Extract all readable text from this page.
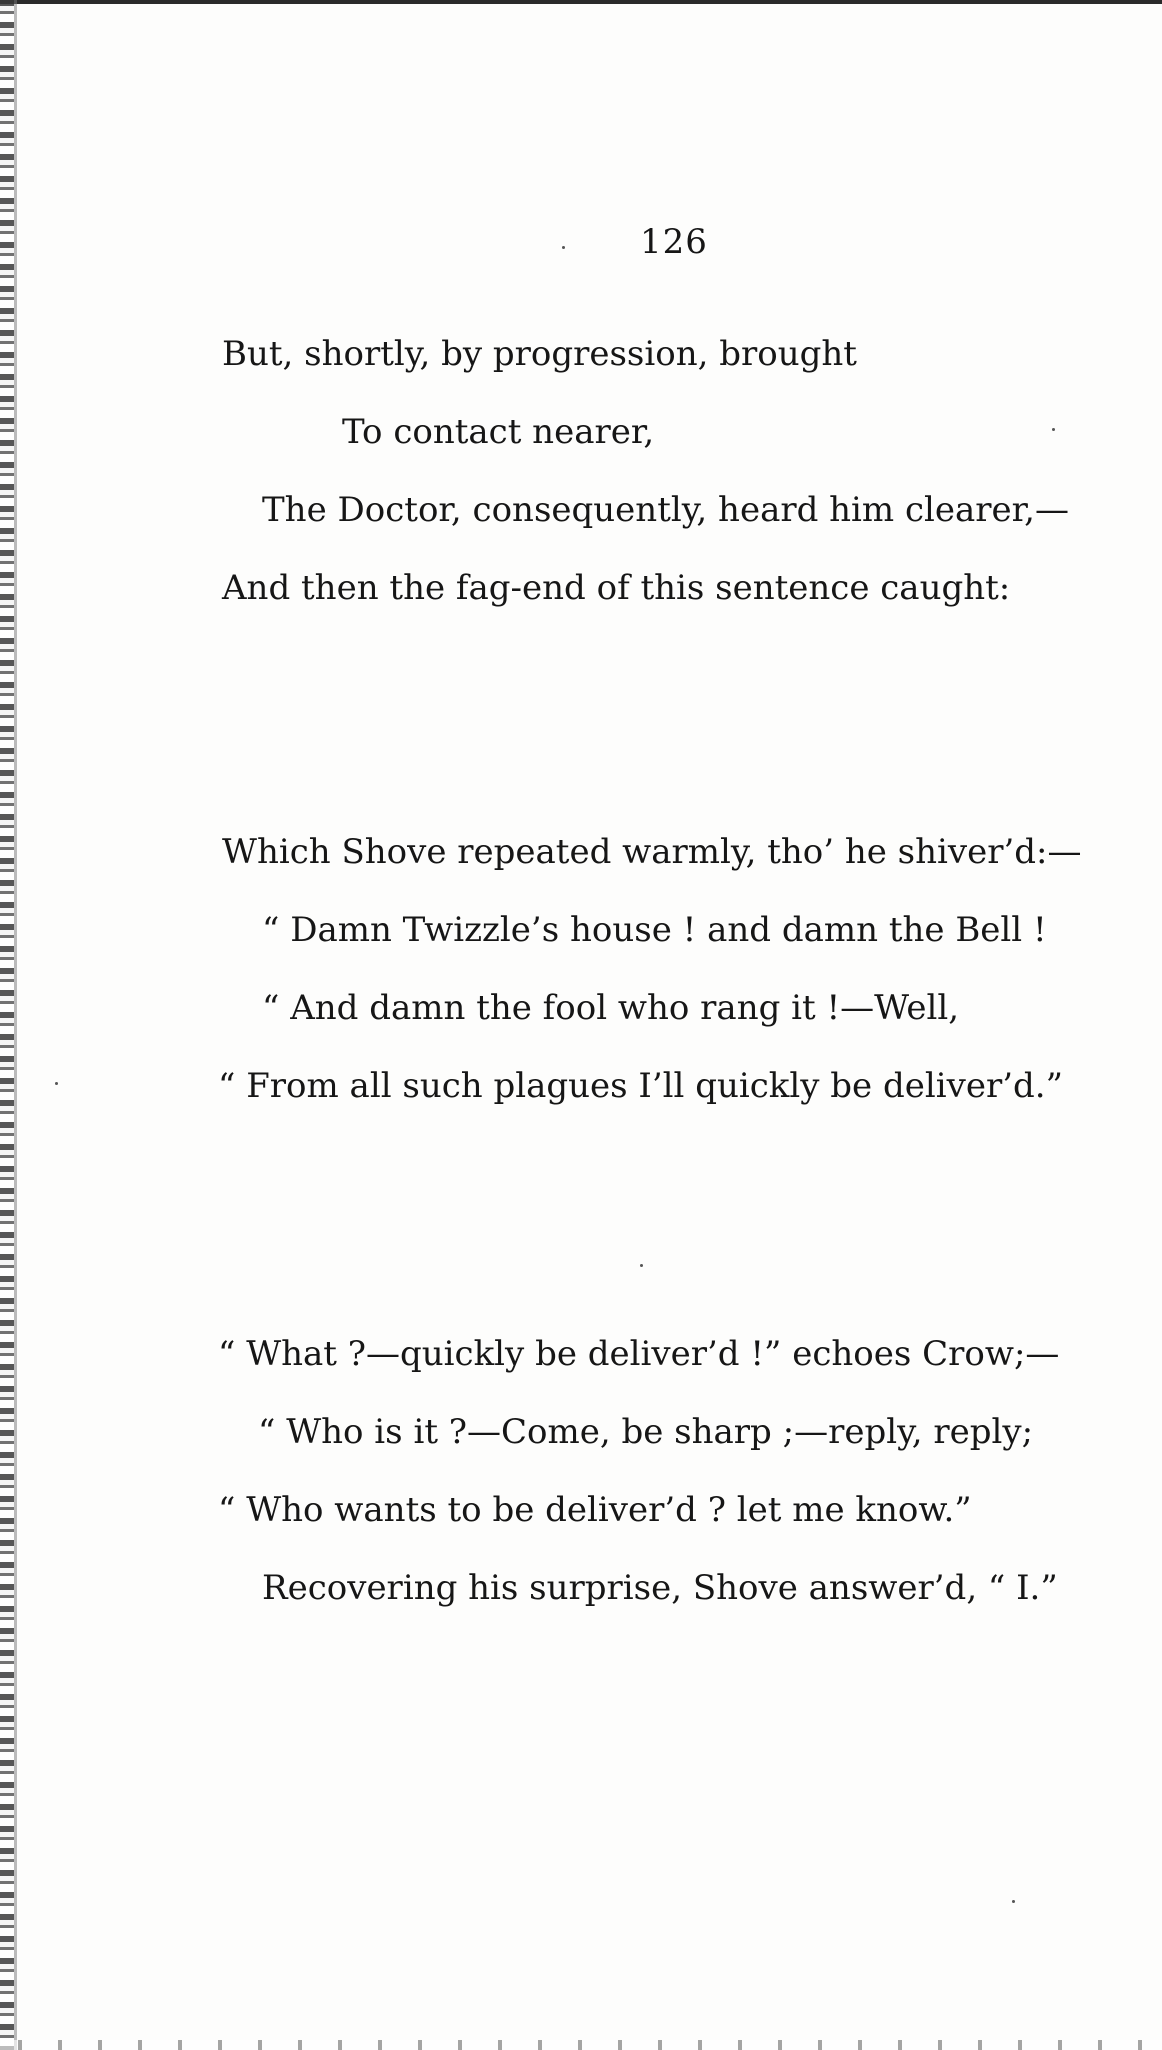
126
But, shortly, by progression, brought
To contact nearer,
The Doctor, consequently, heard him clearer,—
And then the fag-end of this sentence caught:
Which Shove repeated warmly, tho’ he shiver’d:—
“ Damn Twizzle’s house ! and damn the Bell !
“ And damn the fool who rang it !—Well,
“ From all such plagues I’ll quickly be deliver’d.”
“ What ?—quickly be deliver’d !” echoes Crow;—
“ Who is it ?—Come, be sharp ;—reply, reply;
“ Who wants to be deliver’d ? let me know.”
Recovering his surprise, Shove answer’d, “ I.”
